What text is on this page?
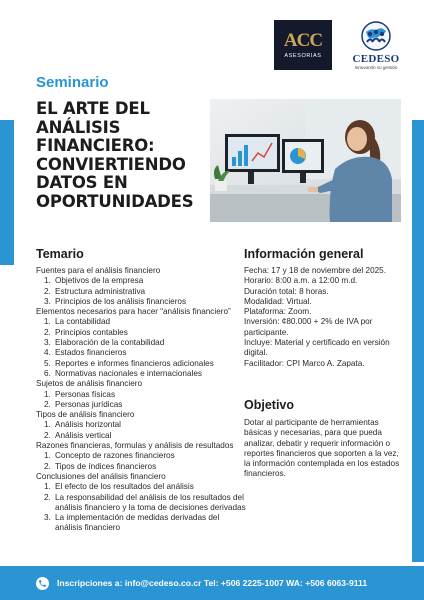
ACC
ASESORIAS	CEDESO
Innovando su gestión
Seminario
EL ARTE DEL ANÁLISIS FINANCIERO: CONVIERTIENDO DATOS EN OPORTUNIDADES
Temario
Fuentes para el análisis financiero
1. Objetivos de la empresa
2. Estructura administrativa
3. Principios de los análisis financieros
Elementos necesarios para hacer “análisis financiero”
1. La contabilidad
2. Principios contables
3. Elaboración de la contabilidad
4. Estados financieros
5. Reportes e informes financieros adicionales
6. Normativas nacionales e internacionales
Sujetos de análisis financiero
1. Personas físicas
2. Personas jurídicas
Tipos de análisis financiero
1. Análisis horizontal
2. Análisis vertical
Razones financieras, formulas y análisis de resultados
1. Concepto de razones financieros
2. Tipos de índices financieros
Conclusiones del análisis financiero
1. El efecto de los resultados del análisis
2. La responsabilidad del análisis de los resultados del análisis financiero y la toma de decisiones derivadas
3. La implementación de medidas derivadas del análisis financiero
Información general
Fecha: 17 y 18 de noviembre del 2025.
Horario: 8:00 a.m. a 12:00 m.d.
Duración total: 8 horas.
Modalidad: Virtual.
Plataforma: Zoom.
Inversión: ¢80.000 + 2% de IVA por participante.
Incluye: Material y certificado en versión digital.
Facilitador: CPI Marco A. Zapata.
Objetivo
Dotar al participante de herramientas básicas y necesarias, para que pueda analizar, debatir y requerir información o reportes financieros que soporten a la vez, la información contemplada en los estados financieros.
Inscripciones a: info@cedeso.co.cr Tel: +506 2225-1007 WA: +506 6063-9111
